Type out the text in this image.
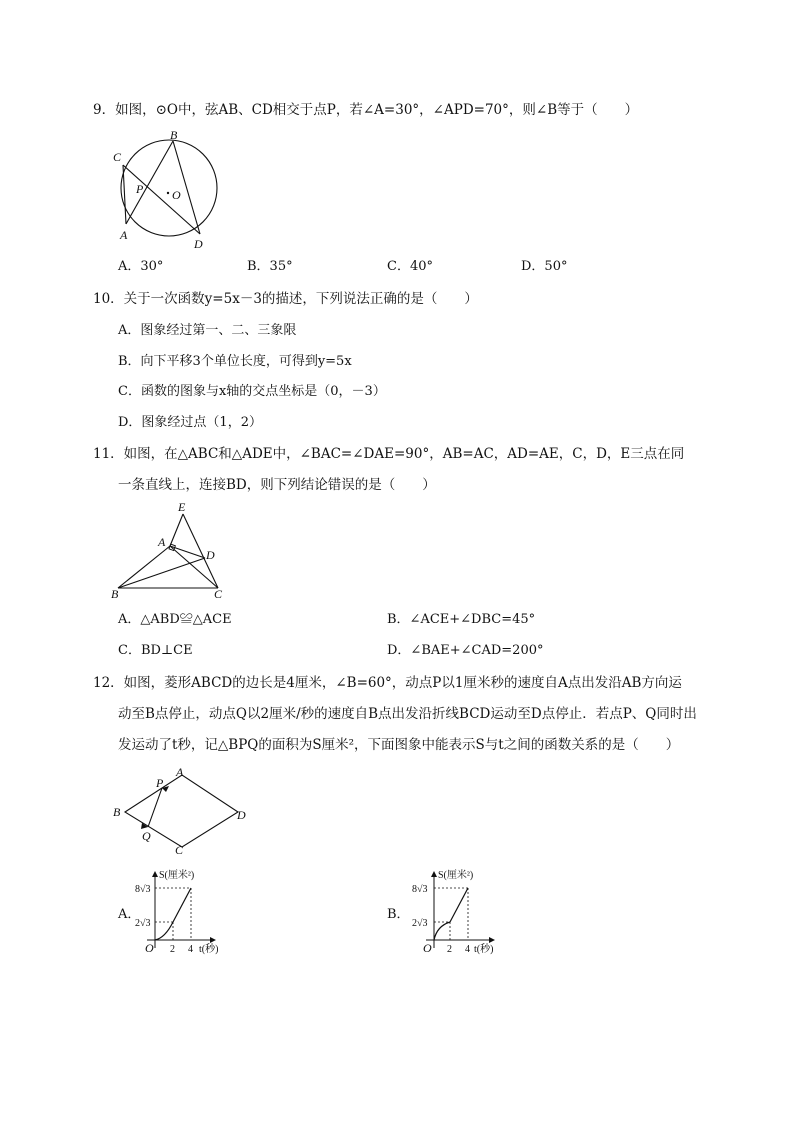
9．如图，⊙O中，弦AB、CD相交于点P，若∠A=30°，∠APD=70°，则∠B等于（　　）
B
C
P O
A
D
A．30°	B．35°	C．40°	D．50°
10．关于一次函数y=5x－3的描述，下列说法正确的是（　　）
A．图象经过第一、二、三象限
B．向下平移3个单位长度，可得到y=5x
C．函数的图象与x轴的交点坐标是（0，－3）
D．图象经过点（1，2）
11．如图，在△ABC和△ADE中，∠BAC=∠DAE=90°，AB=AC，AD=AE，C，D，E三点在同
一条直线上，连接BD，则下列结论错误的是（　　）
E
A
D
B	C
A．△ABD≌△ACE	B．∠ACE+∠DBC=45°
C．BD⊥CE	D．∠BAE+∠CAD=200°
12．如图，菱形ABCD的边长是4厘米，∠B=60°，动点P以1厘米秒的速度自A点出发沿AB方向运
动至B点停止，动点Q以2厘米/秒的速度自B点出发沿折线BCD运动至D点停止．若点P、Q同时出
发运动了t秒，记△BPQ的面积为S厘米²，下面图象中能表示S与t之间的函数关系的是（　　）
A
P
B	D
Q
C
A．
S(厘米²)
8√3
2√3
O 2 4 t(秒)
B．
S(厘米²)
8√3
2√3
O 2 4 t(秒)
